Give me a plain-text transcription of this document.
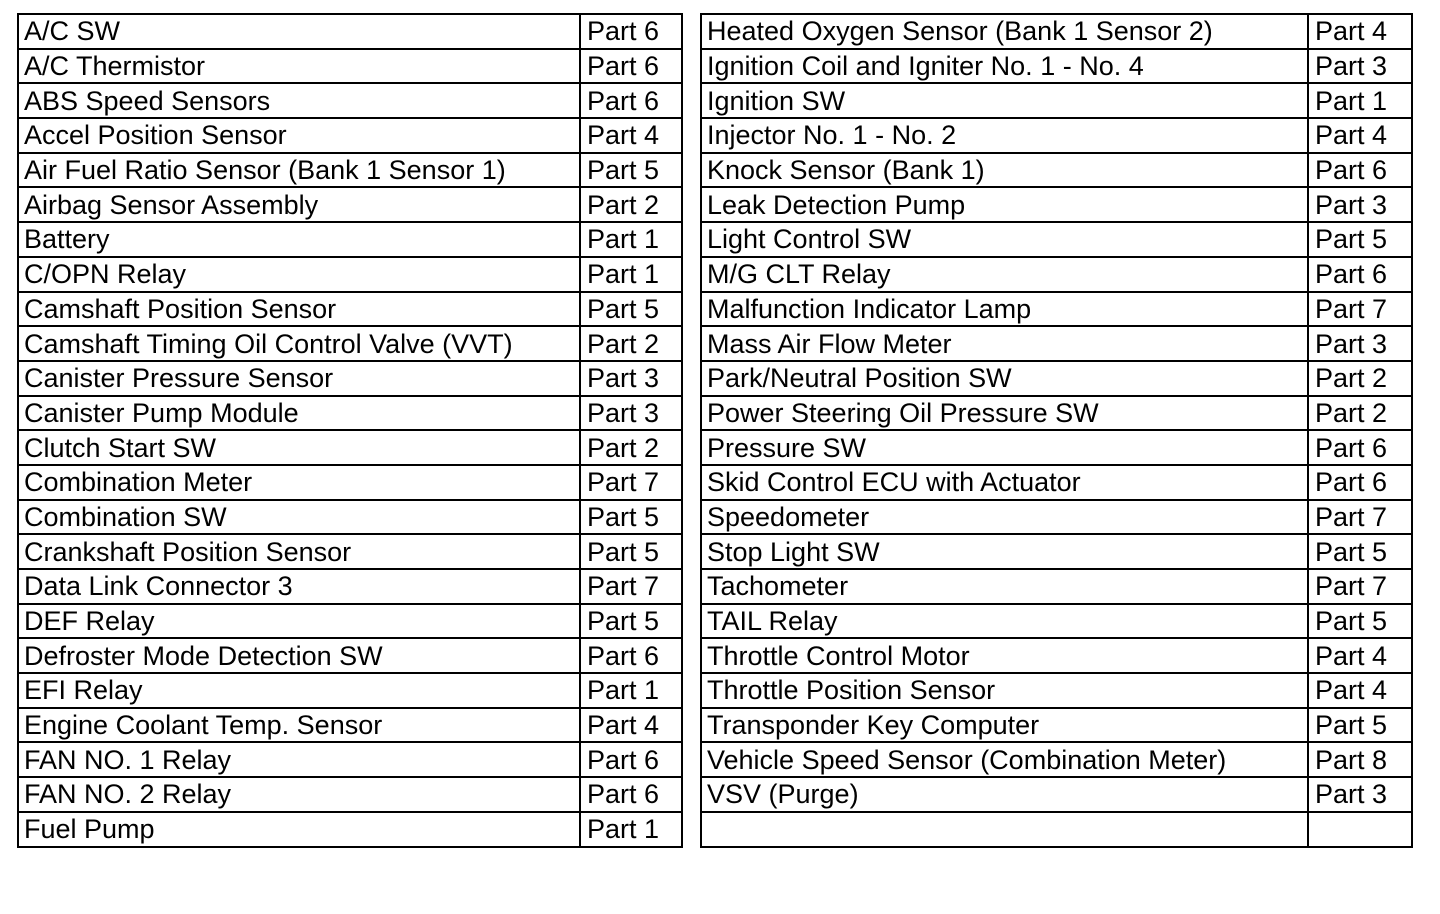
A/C SW	Part 6
A/C Thermistor	Part 6
ABS Speed Sensors	Part 6
Accel Position Sensor	Part 4
Air Fuel Ratio Sensor (Bank 1 Sensor 1)	Part 5
Airbag Sensor Assembly	Part 2
Battery	Part 1
C/OPN Relay	Part 1
Camshaft Position Sensor	Part 5
Camshaft Timing Oil Control Valve (VVT)	Part 2
Canister Pressure Sensor	Part 3
Canister Pump Module	Part 3
Clutch Start SW	Part 2
Combination Meter	Part 7
Combination SW	Part 5
Crankshaft Position Sensor	Part 5
Data Link Connector 3	Part 7
DEF Relay	Part 5
Defroster Mode Detection SW	Part 6
EFI Relay	Part 1
Engine Coolant Temp. Sensor	Part 4
FAN NO. 1 Relay	Part 6
FAN NO. 2 Relay	Part 6
Fuel Pump	Part 1
Heated Oxygen Sensor (Bank 1 Sensor 2)	Part 4
Ignition Coil and Igniter No. 1 - No. 4	Part 3
Ignition SW	Part 1
Injector No. 1 - No. 2	Part 4
Knock Sensor (Bank 1)	Part 6
Leak Detection Pump	Part 3
Light Control SW	Part 5
M/G CLT Relay	Part 6
Malfunction Indicator Lamp	Part 7
Mass Air Flow Meter	Part 3
Park/Neutral Position SW	Part 2
Power Steering Oil Pressure SW	Part 2
Pressure SW	Part 6
Skid Control ECU with Actuator	Part 6
Speedometer	Part 7
Stop Light SW	Part 5
Tachometer	Part 7
TAIL Relay	Part 5
Throttle Control Motor	Part 4
Throttle Position Sensor	Part 4
Transponder Key Computer	Part 5
Vehicle Speed Sensor (Combination Meter)	Part 8
VSV (Purge)	Part 3
